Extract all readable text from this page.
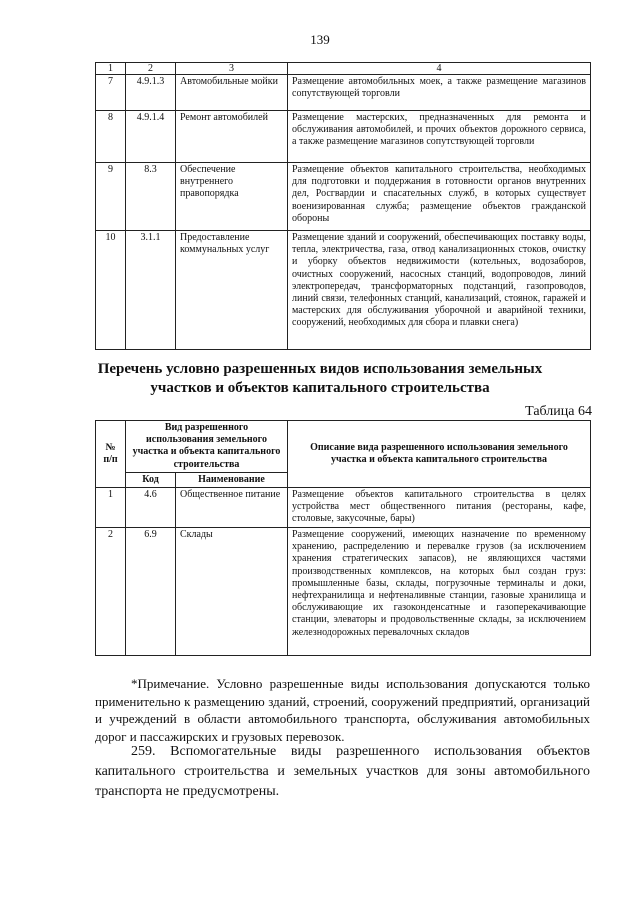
139
1	2	3	4
7	4.9.1.3	Автомобильные мойки	Размещение автомобильных моек, а также размещение магазинов сопутствующей торговли
8	4.9.1.4	Ремонт автомобилей	Размещение мастерских, предназначенных для ремонта и обслуживания автомобилей, и прочих объектов дорожного сервиса, а также размещение магазинов сопутствующей торговли
9	8.3	Обеспечение внутреннего правопорядка	Размещение объектов капитального строительства, необходимых для подготовки и поддержания в готовности органов внутренних дел, Росгвардии и спасательных служб, в которых существует военизированная служба; размещение объектов гражданской обороны
10	3.1.1	Предоставление коммунальных услуг	Размещение зданий и сооружений, обеспечивающих поставку воды, тепла, электричества, газа, отвод канализационных стоков, очистку и уборку объектов недвижимости (котельных, водозаборов, очистных сооружений, насосных станций, водопроводов, линий электропередач, трансформаторных подстанций, газопроводов, линий связи, телефонных станций, канализаций, стоянок, гаражей и мастерских для обслуживания уборочной и аварийной техники, сооружений, необходимых для сбора и плавки снега)
Перечень условно разрешенных видов использования земельных участков и объектов капитального строительства
Таблица 64
№ п/п	Вид разрешенного использования земельного участка и объекта капитального строительства		Описание вида разрешенного использования земельного участка и объекта капитального строительства
	Код	Наименование	
1	4.6	Общественное питание	Размещение объектов капитального строительства в целях устройства мест общественного питания (рестораны, кафе, столовые, закусочные, бары)
2	6.9	Склады	Размещение сооружений, имеющих назначение по временному хранению, распределению и перевалке грузов (за исключением хранения стратегических запасов), не являющихся частями производственных комплексов, на которых был создан груз: промышленные базы, склады, погрузочные терминалы и доки, нефтехранилища и нефтеналивные станции, газовые хранилища и обслуживающие их газоконденсатные и газоперекачивающие станции, элеваторы и продовольственные склады, за исключением железнодорожных перевалочных складов
*Примечание. Условно разрешенные виды использования допускаются только применительно к размещению зданий, строений, сооружений предприятий, организаций и учреждений в области автомобильного транспорта, обслуживания автомобильных дорог и пассажирских и грузовых перевозок.
259. Вспомогательные виды разрешенного использования объектов капитального строительства и земельных участков для зоны автомобильного транспорта не предусмотрены.
